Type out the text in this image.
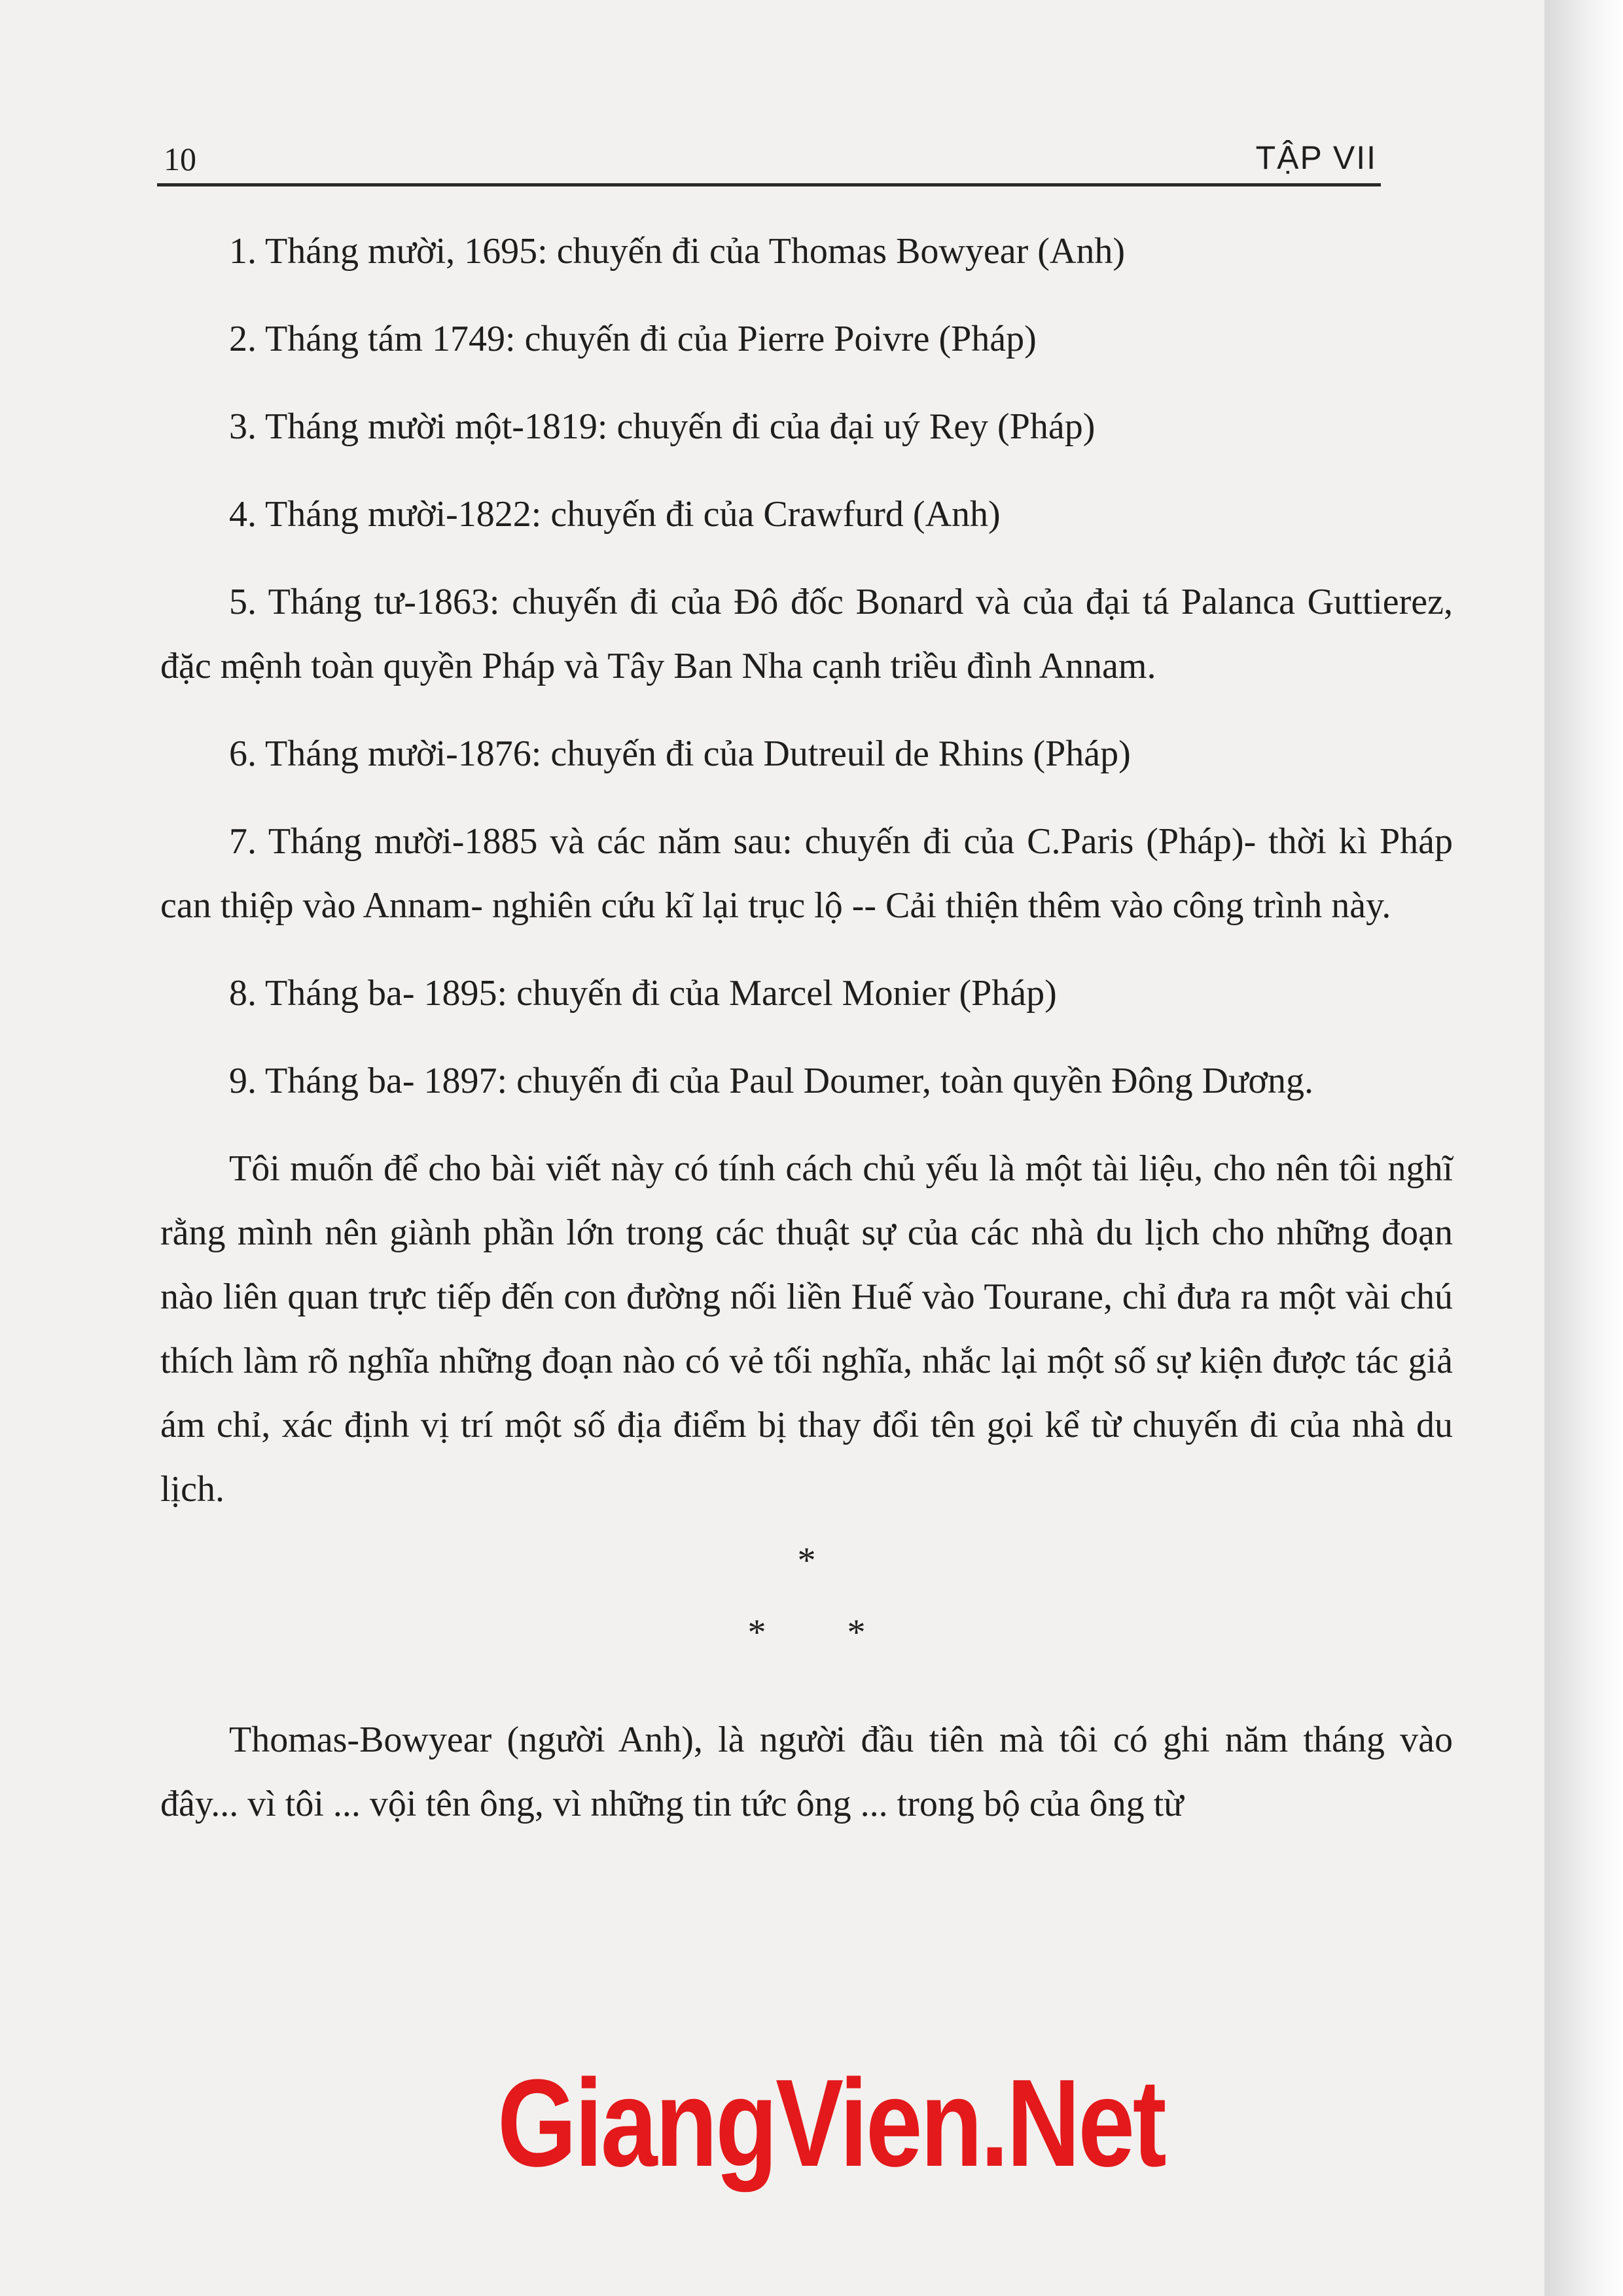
10	TẬP VII

1. Tháng mười, 1695: chuyến đi của Thomas Bowyear (Anh)

2. Tháng tám 1749: chuyến đi của Pierre Poivre (Pháp)

3. Tháng mười một-1819: chuyến đi của đại uý Rey (Pháp)

4. Tháng mười-1822: chuyến đi của Crawfurd (Anh)

5. Tháng tư-1863: chuyến đi của Đô đốc Bonard và của đại tá Palanca Guttierez, đặc mệnh toàn quyền Pháp và Tây Ban Nha cạnh triều đình Annam.

6. Tháng mười-1876: chuyến đi của Dutreuil de Rhins (Pháp)

7. Tháng mười-1885 và các năm sau: chuyến đi của C.Paris (Pháp)- thời kì Pháp can thiệp vào Annam- nghiên cứu kĩ lại trục lộ -- Cải thiện thêm vào công trình này.

8. Tháng ba- 1895: chuyến đi của Marcel Monier (Pháp)

9. Tháng ba- 1897: chuyến đi của Paul Doumer, toàn quyền Đông Dương.

Tôi muốn để cho bài viết này có tính cách chủ yếu là một tài liệu, cho nên tôi nghĩ rằng mình nên giành phần lớn trong các thuật sự của các nhà du lịch cho những đoạn nào liên quan trực tiếp đến con đường nối liền Huế vào Tourane, chỉ đưa ra một vài chú thích làm rõ nghĩa những đoạn nào có vẻ tối nghĩa, nhắc lại một số sự kiện được tác giả ám chỉ, xác định vị trí một số địa điểm bị thay đổi tên gọi kể từ chuyến đi của nhà du lịch.

*
* *

Thomas-Bowyear (người Anh), là người đầu tiên mà tôi có ghi năm tháng vào đây... vì tôi ... vội tên ông, vì những tin tức ông ... trong bộ của ông từ

GiangVien.Net
